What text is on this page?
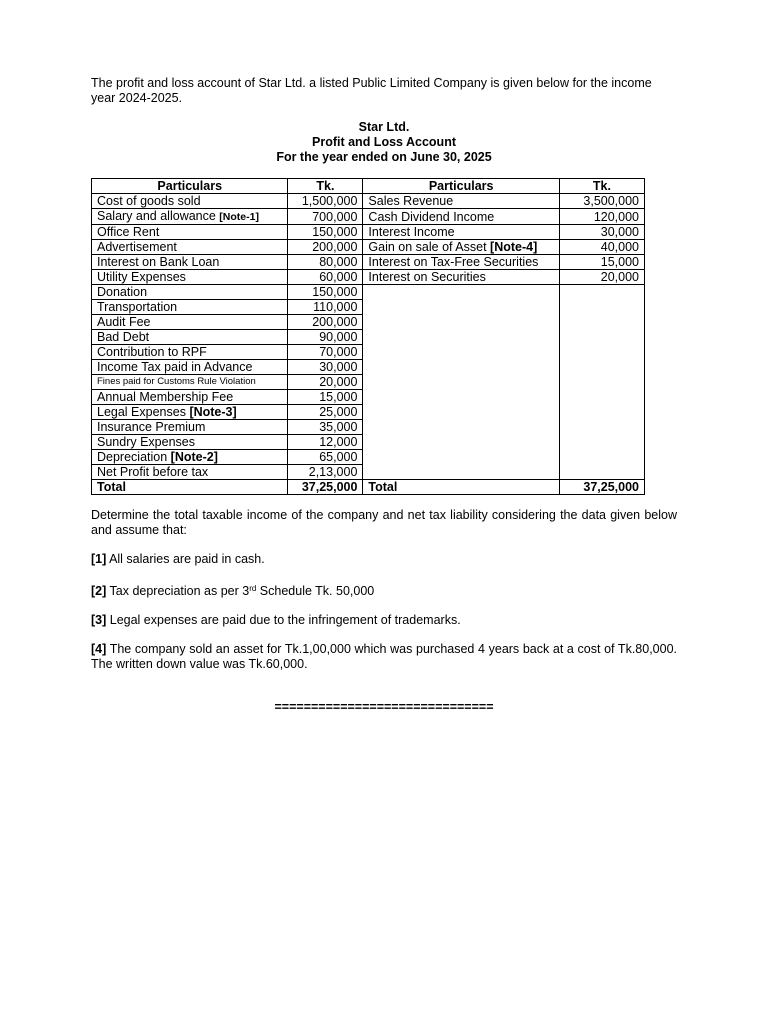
The profit and loss account of Star Ltd. a listed Public Limited Company is given below for the income year 2024-2025.

Star Ltd.
Profit and Loss Account
For the year ended on June 30, 2025
Particulars	Tk.	Particulars	Tk.
Cost of goods sold	1,500,000	Sales Revenue	3,500,000
Salary and allowance [Note-1]	700,000	Cash Dividend Income	120,000
Office Rent	150,000	Interest Income	30,000
Advertisement	200,000	Gain on sale of Asset [Note-4]	40,000
Interest on Bank Loan	80,000	Interest on Tax-Free Securities	15,000
Utility Expenses	60,000	Interest on Securities	20,000
Donation	150,000		
Transportation	110,000		
Audit Fee	200,000		
Bad Debt	90,000		
Contribution to RPF	70,000		
Income Tax paid in Advance	30,000		
Fines paid for Customs Rule Violation	20,000		
Annual Membership Fee	15,000		
Legal Expenses [Note-3]	25,000		
Insurance Premium	35,000		
Sundry Expenses	12,000		
Depreciation [Note-2]	65,000		
Net Profit before tax	2,13,000		
Total	37,25,000	Total	37,25,000

Determine the total taxable income of the company and net tax liability considering the data given below and assume that:

[1] All salaries are paid in cash.

[2] Tax depreciation as per 3rd Schedule Tk. 50,000

[3] Legal expenses are paid due to the infringement of trademarks.

[4] The company sold an asset for Tk.1,00,000 which was purchased 4 years back at a cost of Tk.80,000. The written down value was Tk.60,000.

==============================
